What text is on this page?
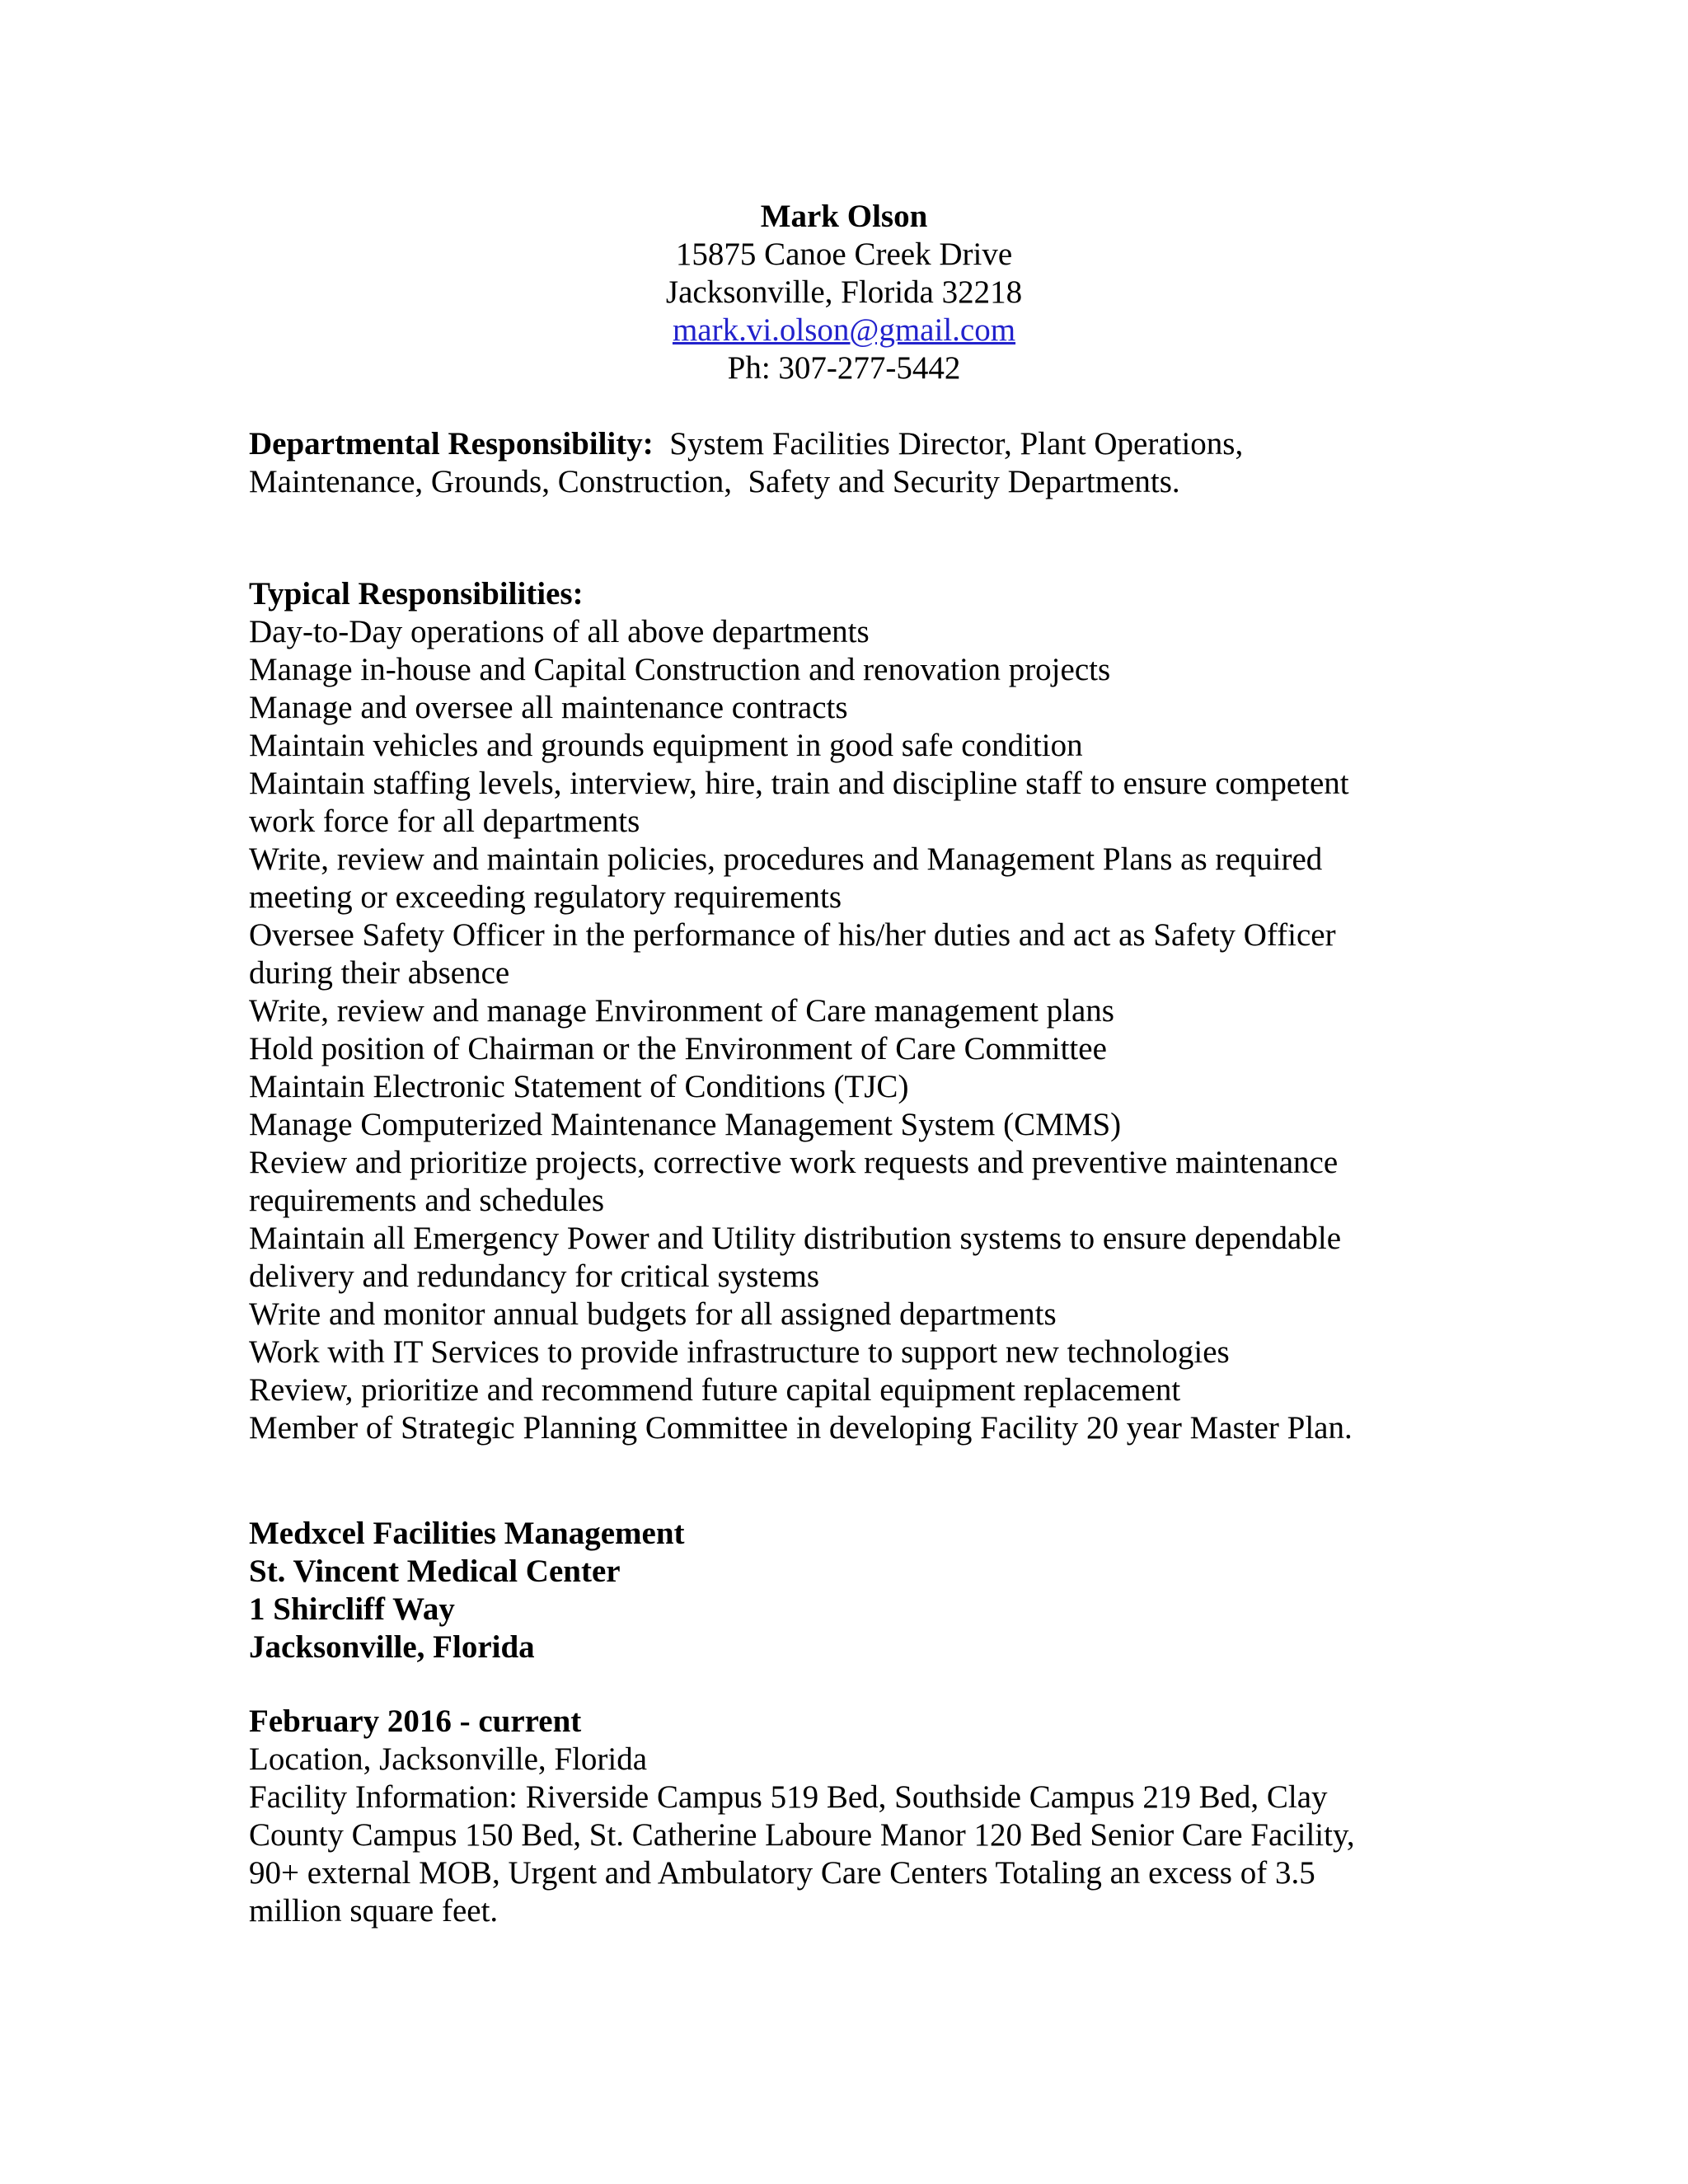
Mark Olson
15875 Canoe Creek Drive
Jacksonville, Florida 32218
mark.vi.olson@gmail.com
Ph: 307-277-5442
Departmental Responsibility: System Facilities Director, Plant Operations,
Maintenance, Grounds, Construction,  Safety and Security Departments.
Typical Responsibilities:
Day-to-Day operations of all above departments
Manage in-house and Capital Construction and renovation projects
Manage and oversee all maintenance contracts
Maintain vehicles and grounds equipment in good safe condition
Maintain staffing levels, interview, hire, train and discipline staff to ensure competent
work force for all departments
Write, review and maintain policies, procedures and Management Plans as required
meeting or exceeding regulatory requirements
Oversee Safety Officer in the performance of his/her duties and act as Safety Officer
during their absence
Write, review and manage Environment of Care management plans
Hold position of Chairman or the Environment of Care Committee
Maintain Electronic Statement of Conditions (TJC)
Manage Computerized Maintenance Management System (CMMS)
Review and prioritize projects, corrective work requests and preventive maintenance
requirements and schedules
Maintain all Emergency Power and Utility distribution systems to ensure dependable
delivery and redundancy for critical systems
Write and monitor annual budgets for all assigned departments
Work with IT Services to provide infrastructure to support new technologies
Review, prioritize and recommend future capital equipment replacement
Member of Strategic Planning Committee in developing Facility 20 year Master Plan.
Medxcel Facilities Management
St. Vincent Medical Center
1 Shircliff Way
Jacksonville, Florida
February 2016 - current
Location, Jacksonville, Florida
Facility Information: Riverside Campus 519 Bed, Southside Campus 219 Bed, Clay
County Campus 150 Bed, St. Catherine Laboure Manor 120 Bed Senior Care Facility,
90+ external MOB, Urgent and Ambulatory Care Centers Totaling an excess of 3.5
million square feet.
